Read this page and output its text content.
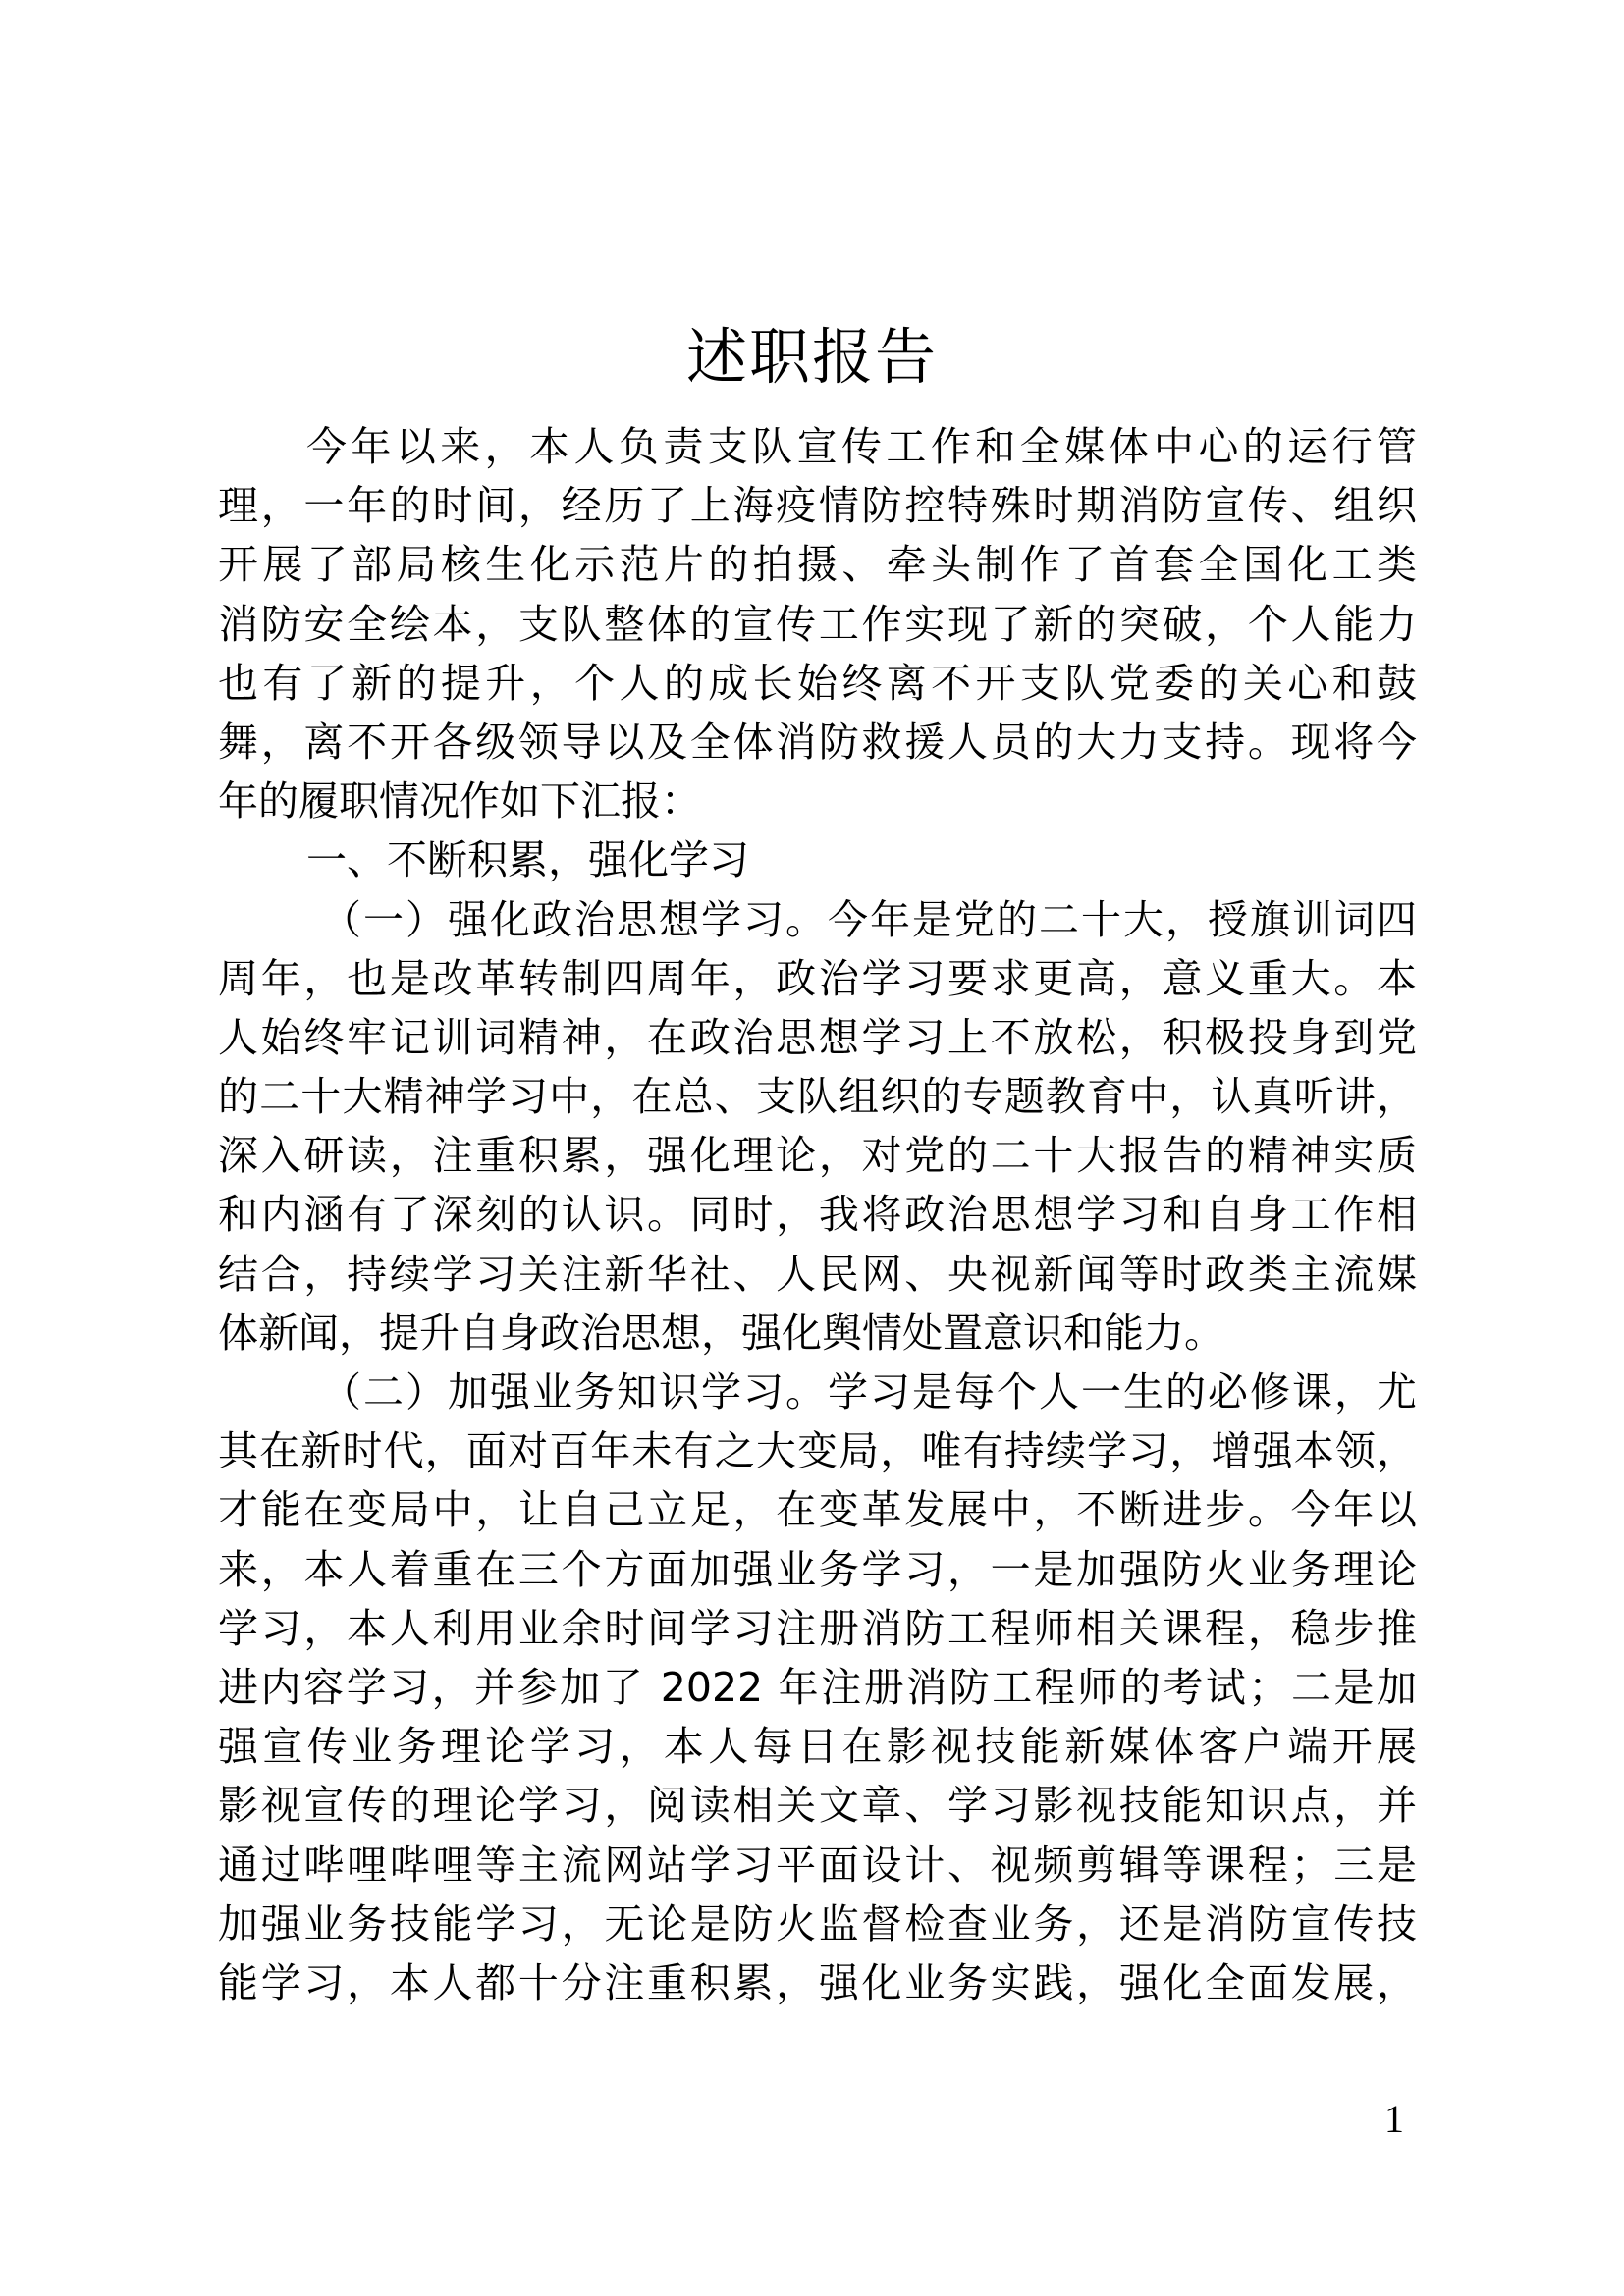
述职报告
今年以来，本人负责支队宣传工作和全媒体中心的运行管
理，一年的时间，经历了上海疫情防控特殊时期消防宣传、组织
开展了部局核生化示范片的拍摄、牵头制作了首套全国化工类
消防安全绘本，支队整体的宣传工作实现了新的突破，个人能力
也有了新的提升，个人的成长始终离不开支队党委的关心和鼓
舞，离不开各级领导以及全体消防救援人员的大力支持。现将今
年的履职情况作如下汇报：
一、不断积累，强化学习
（一）强化政治思想学习。今年是党的二十大，授旗训词四
周年，也是改革转制四周年，政治学习要求更高，意义重大。本
人始终牢记训词精神，在政治思想学习上不放松，积极投身到党
的二十大精神学习中，在总、支队组织的专题教育中，认真听讲，
深入研读，注重积累，强化理论，对党的二十大报告的精神实质
和内涵有了深刻的认识。同时，我将政治思想学习和自身工作相
结合，持续学习关注新华社、人民网、央视新闻等时政类主流媒
体新闻，提升自身政治思想，强化舆情处置意识和能力。
（二）加强业务知识学习。学习是每个人一生的必修课，尤
其在新时代，面对百年未有之大变局，唯有持续学习，增强本领，
才能在变局中，让自己立足，在变革发展中，不断进步。今年以
来，本人着重在三个方面加强业务学习，一是加强防火业务理论
学习，本人利用业余时间学习注册消防工程师相关课程，稳步推
进内容学习，并参加了 2022 年注册消防工程师的考试；二是加
强宣传业务理论学习，本人每日在影视技能新媒体客户端开展
影视宣传的理论学习，阅读相关文章、学习影视技能知识点，并
通过哔哩哔哩等主流网站学习平面设计、视频剪辑等课程；三是
加强业务技能学习，无论是防火监督检查业务，还是消防宣传技
能学习，本人都十分注重积累，强化业务实践，强化全面发展，
1
